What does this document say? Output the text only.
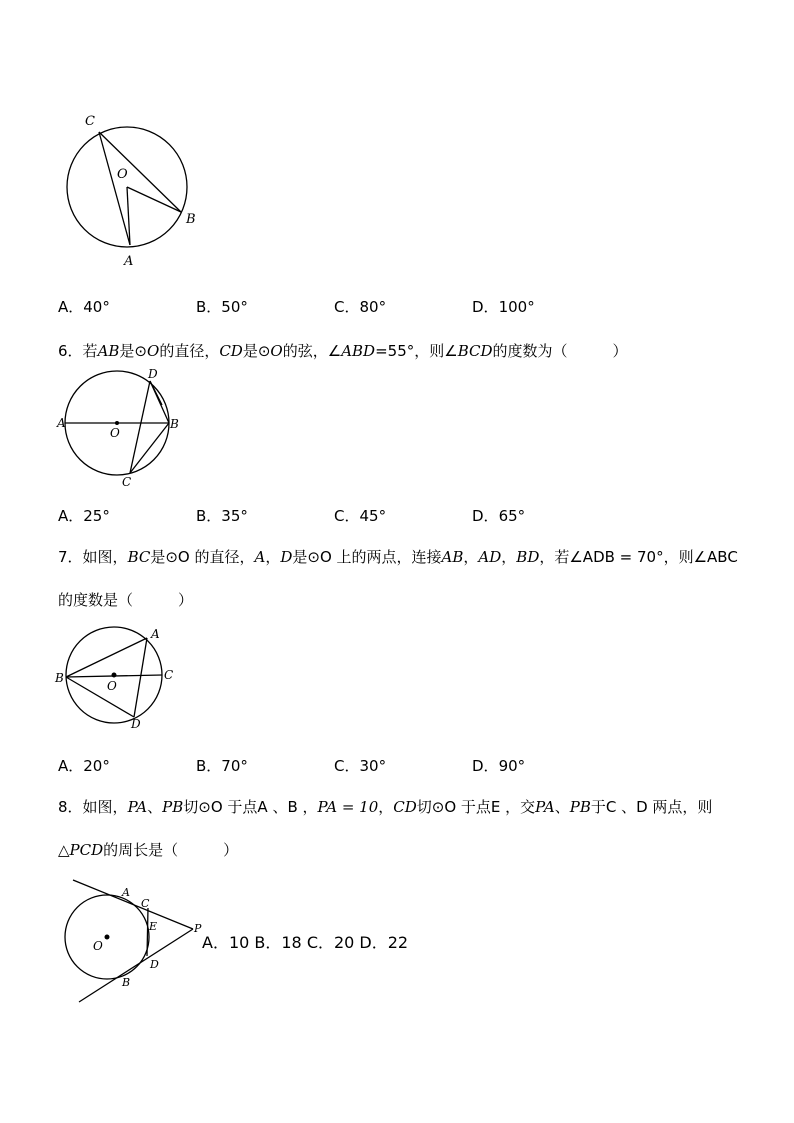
C
O
B
A
A．40°	B．50°	C．80°	D．100°
6．若AB是⊙O的直径，CD是⊙O的弦，∠ABD=55°，则∠BCD的度数为（　　　）
D
A
O
B
C
A．25°	B．35°	C．45°	D．65°
7．如图，BC是⊙O 的直径，A，D是⊙O 上的两点，连接AB，AD，BD，若∠ADB = 70°，则∠ABC
的度数是（　　　）
A
B
O
C
D
A．20°	B．70°	C．30°	D．90°
8．如图，PA、PB切⊙O 于点A 、B ，PA = 10，CD切⊙O 于点E ，交PA、PB于C 、D 两点，则
△PCD的周长是（　　　）
A
C
E	P
O
D
B
A．10 B．18 C．20 D．22
